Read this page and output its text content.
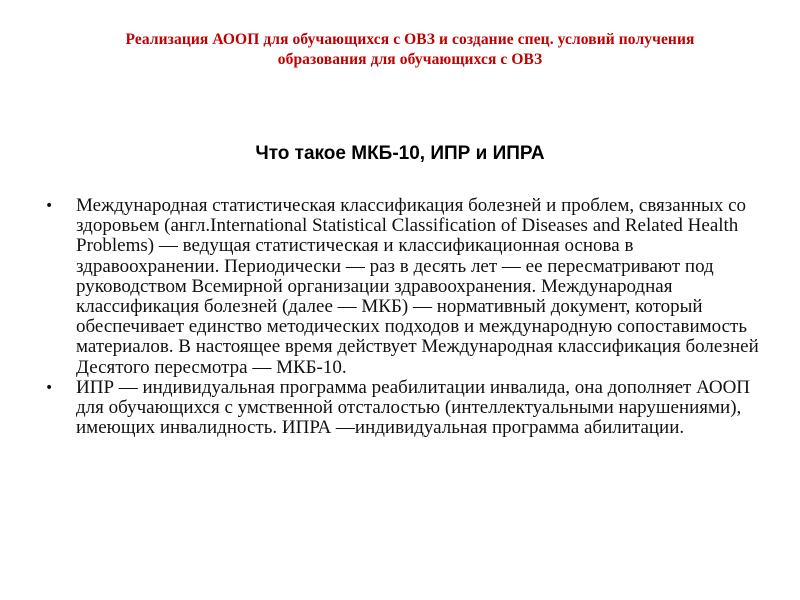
Реализация АООП для обучающихся с ОВЗ и создание спец. условий получения
образования для обучающихся с ОВЗ
Что такое МКБ-10, ИПР и ИПРА
• Международная статистическая классификация болезней и проблем, связанных со здоровьем (англ.International Statistical Classification of Diseases and Related Health Problems) — ведущая статистическая и классификационная основа в здравоохранении. Периодически — раз в десять лет — ее пересматривают под руководством Всемирной организации здравоохранения. Международная классификация болезней (далее — МКБ) — нормативный документ, который обеспечивает единство методических подходов и международную сопоставимость материалов. В настоящее время действует Международная классификация болезней Десятого пересмотра — МКБ-10.
• ИПР — индивидуальная программа реабилитации инвалида, она дополняет АООП для обучающихся с умственной отсталостью (интеллектуальными нарушениями), имеющих инвалидность. ИПРА —индивидуальная программа абилитации.
